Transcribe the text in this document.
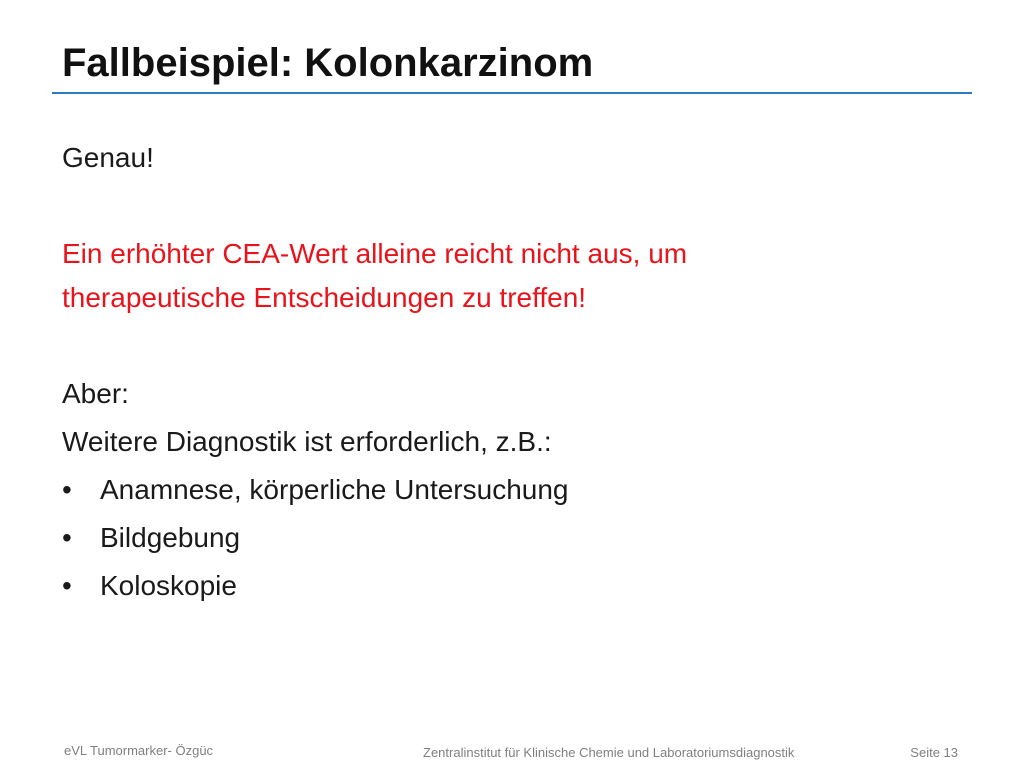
Fallbeispiel: Kolonkarzinom

Genau!

Ein erhöhter CEA-Wert alleine reicht nicht aus, um
therapeutische Entscheidungen zu treffen!

Aber:

Weitere Diagnostik ist erforderlich, z.B.:

•	Anamnese, körperliche Untersuchung
•	Bildgebung
•	Koloskopie
eVL Tumormarker- Özgüc	Zentralinstitut für Klinische Chemie und Laboratoriumsdiagnostik	Seite 13
